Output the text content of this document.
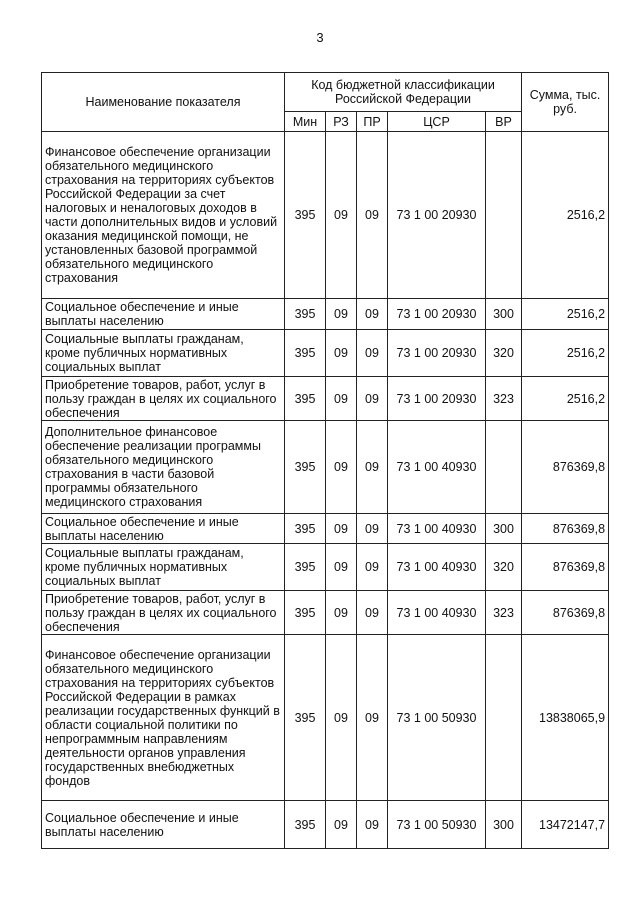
3
Наименование показателя	Код бюджетной классификации Российской Федерации					Сумма, тыс. руб.
	Мин	РЗ	ПР	ЦСР	ВР	
Финансовое обеспечение организации обязательного медицинского страхования на территориях субъектов Российской Федерации за счет налоговых и неналоговых доходов в части дополнительных видов и условий оказания медицинской помощи, не установленных базовой программой обязательного медицинского страхования	395	09	09	73 1 00 20930		2516,2
Социальное обеспечение и иные выплаты населению	395	09	09	73 1 00 20930	300	2516,2
Социальные выплаты гражданам, кроме публичных нормативных социальных выплат	395	09	09	73 1 00 20930	320	2516,2
Приобретение товаров, работ, услуг в пользу граждан в целях их социального обеспечения	395	09	09	73 1 00 20930	323	2516,2
Дополнительное финансовое обеспечение реализации программы обязательного медицинского страхования в части базовой программы обязательного медицинского страхования	395	09	09	73 1 00 40930		876369,8
Социальное обеспечение и иные выплаты населению	395	09	09	73 1 00 40930	300	876369,8
Социальные выплаты гражданам, кроме публичных нормативных социальных выплат	395	09	09	73 1 00 40930	320	876369,8
Приобретение товаров, работ, услуг в пользу граждан в целях их социального обеспечения	395	09	09	73 1 00 40930	323	876369,8
Финансовое обеспечение организации обязательного медицинского страхования на территориях субъектов Российской Федерации в рамках реализации государственных функций в области социальной политики по непрограммным направлениям деятельности органов управления государственных внебюджетных фондов	395	09	09	73 1 00 50930		13838065,9
Социальное обеспечение и иные выплаты населению	395	09	09	73 1 00 50930	300	13472147,7
